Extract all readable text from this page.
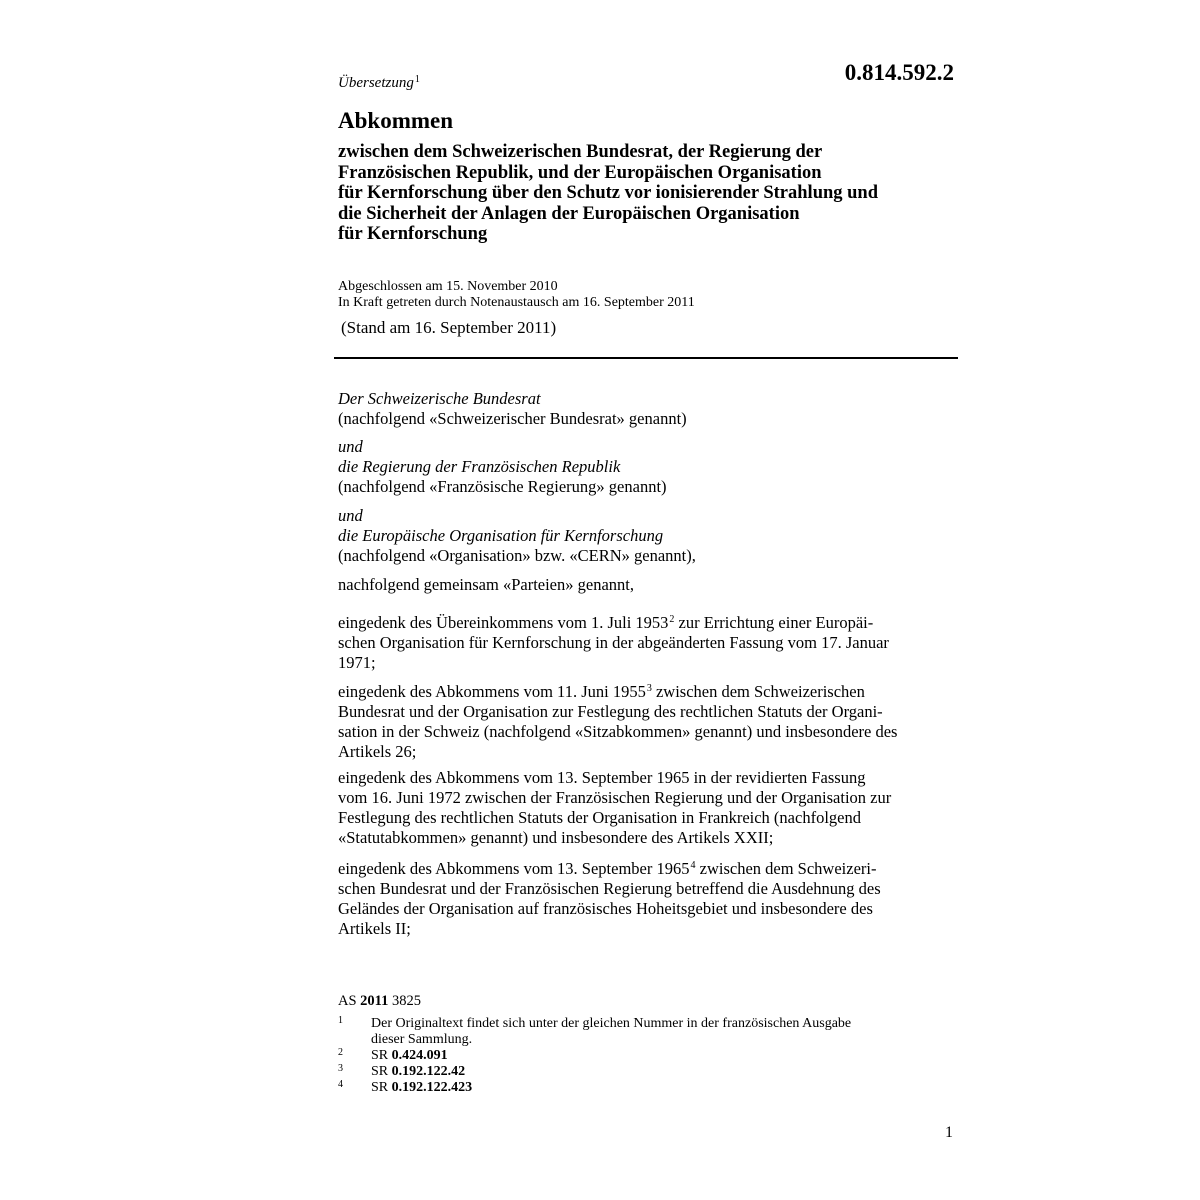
Übersetzung$^1$	0.814.592.2
Abkommen
zwischen dem Schweizerischen Bundesrat, der Regierung der
Französischen Republik, und der Europäischen Organisation
für Kernforschung über den Schutz vor ionisierender Strahlung und
die Sicherheit der Anlagen der Europäischen Organisation
für Kernforschung
Abgeschlossen am 15. November 2010
In Kraft getreten durch Notenaustausch am 16. September 2011
(Stand am 16. September 2011)
Der Schweizerische Bundesrat
(nachfolgend «Schweizerischer Bundesrat» genannt)
und
die Regierung der Französischen Republik
(nachfolgend «Französische Regierung» genannt)
und
die Europäische Organisation für Kernforschung
(nachfolgend «Organisation» bzw. «CERN» genannt),
nachfolgend gemeinsam «Parteien» genannt,
eingedenk des Übereinkommens vom 1. Juli 1953$^2$ zur Errichtung einer Europäi-
schen Organisation für Kernforschung in der abgeänderten Fassung vom 17. Januar
1971;
eingedenk des Abkommens vom 11. Juni 1955$^3$ zwischen dem Schweizerischen
Bundesrat und der Organisation zur Festlegung des rechtlichen Statuts der Organi-
sation in der Schweiz (nachfolgend «Sitzabkommen» genannt) und insbesondere des
Artikels 26;
eingedenk des Abkommens vom 13. September 1965 in der revidierten Fassung
vom 16. Juni 1972 zwischen der Französischen Regierung und der Organisation zur
Festlegung des rechtlichen Statuts der Organisation in Frankreich (nachfolgend
«Statutabkommen» genannt) und insbesondere des Artikels XXII;
eingedenk des Abkommens vom 13. September 1965$^4$ zwischen dem Schweizeri-
schen Bundesrat und der Französischen Regierung betreffend die Ausdehnung des
Geländes der Organisation auf französisches Hoheitsgebiet und insbesondere des
Artikels II;
AS 2011 3825
1 Der Originaltext findet sich unter der gleichen Nummer in der französischen Ausgabe
dieser Sammlung.
2 SR 0.424.091
3 SR 0.192.122.42
4 SR 0.192.122.423
1
